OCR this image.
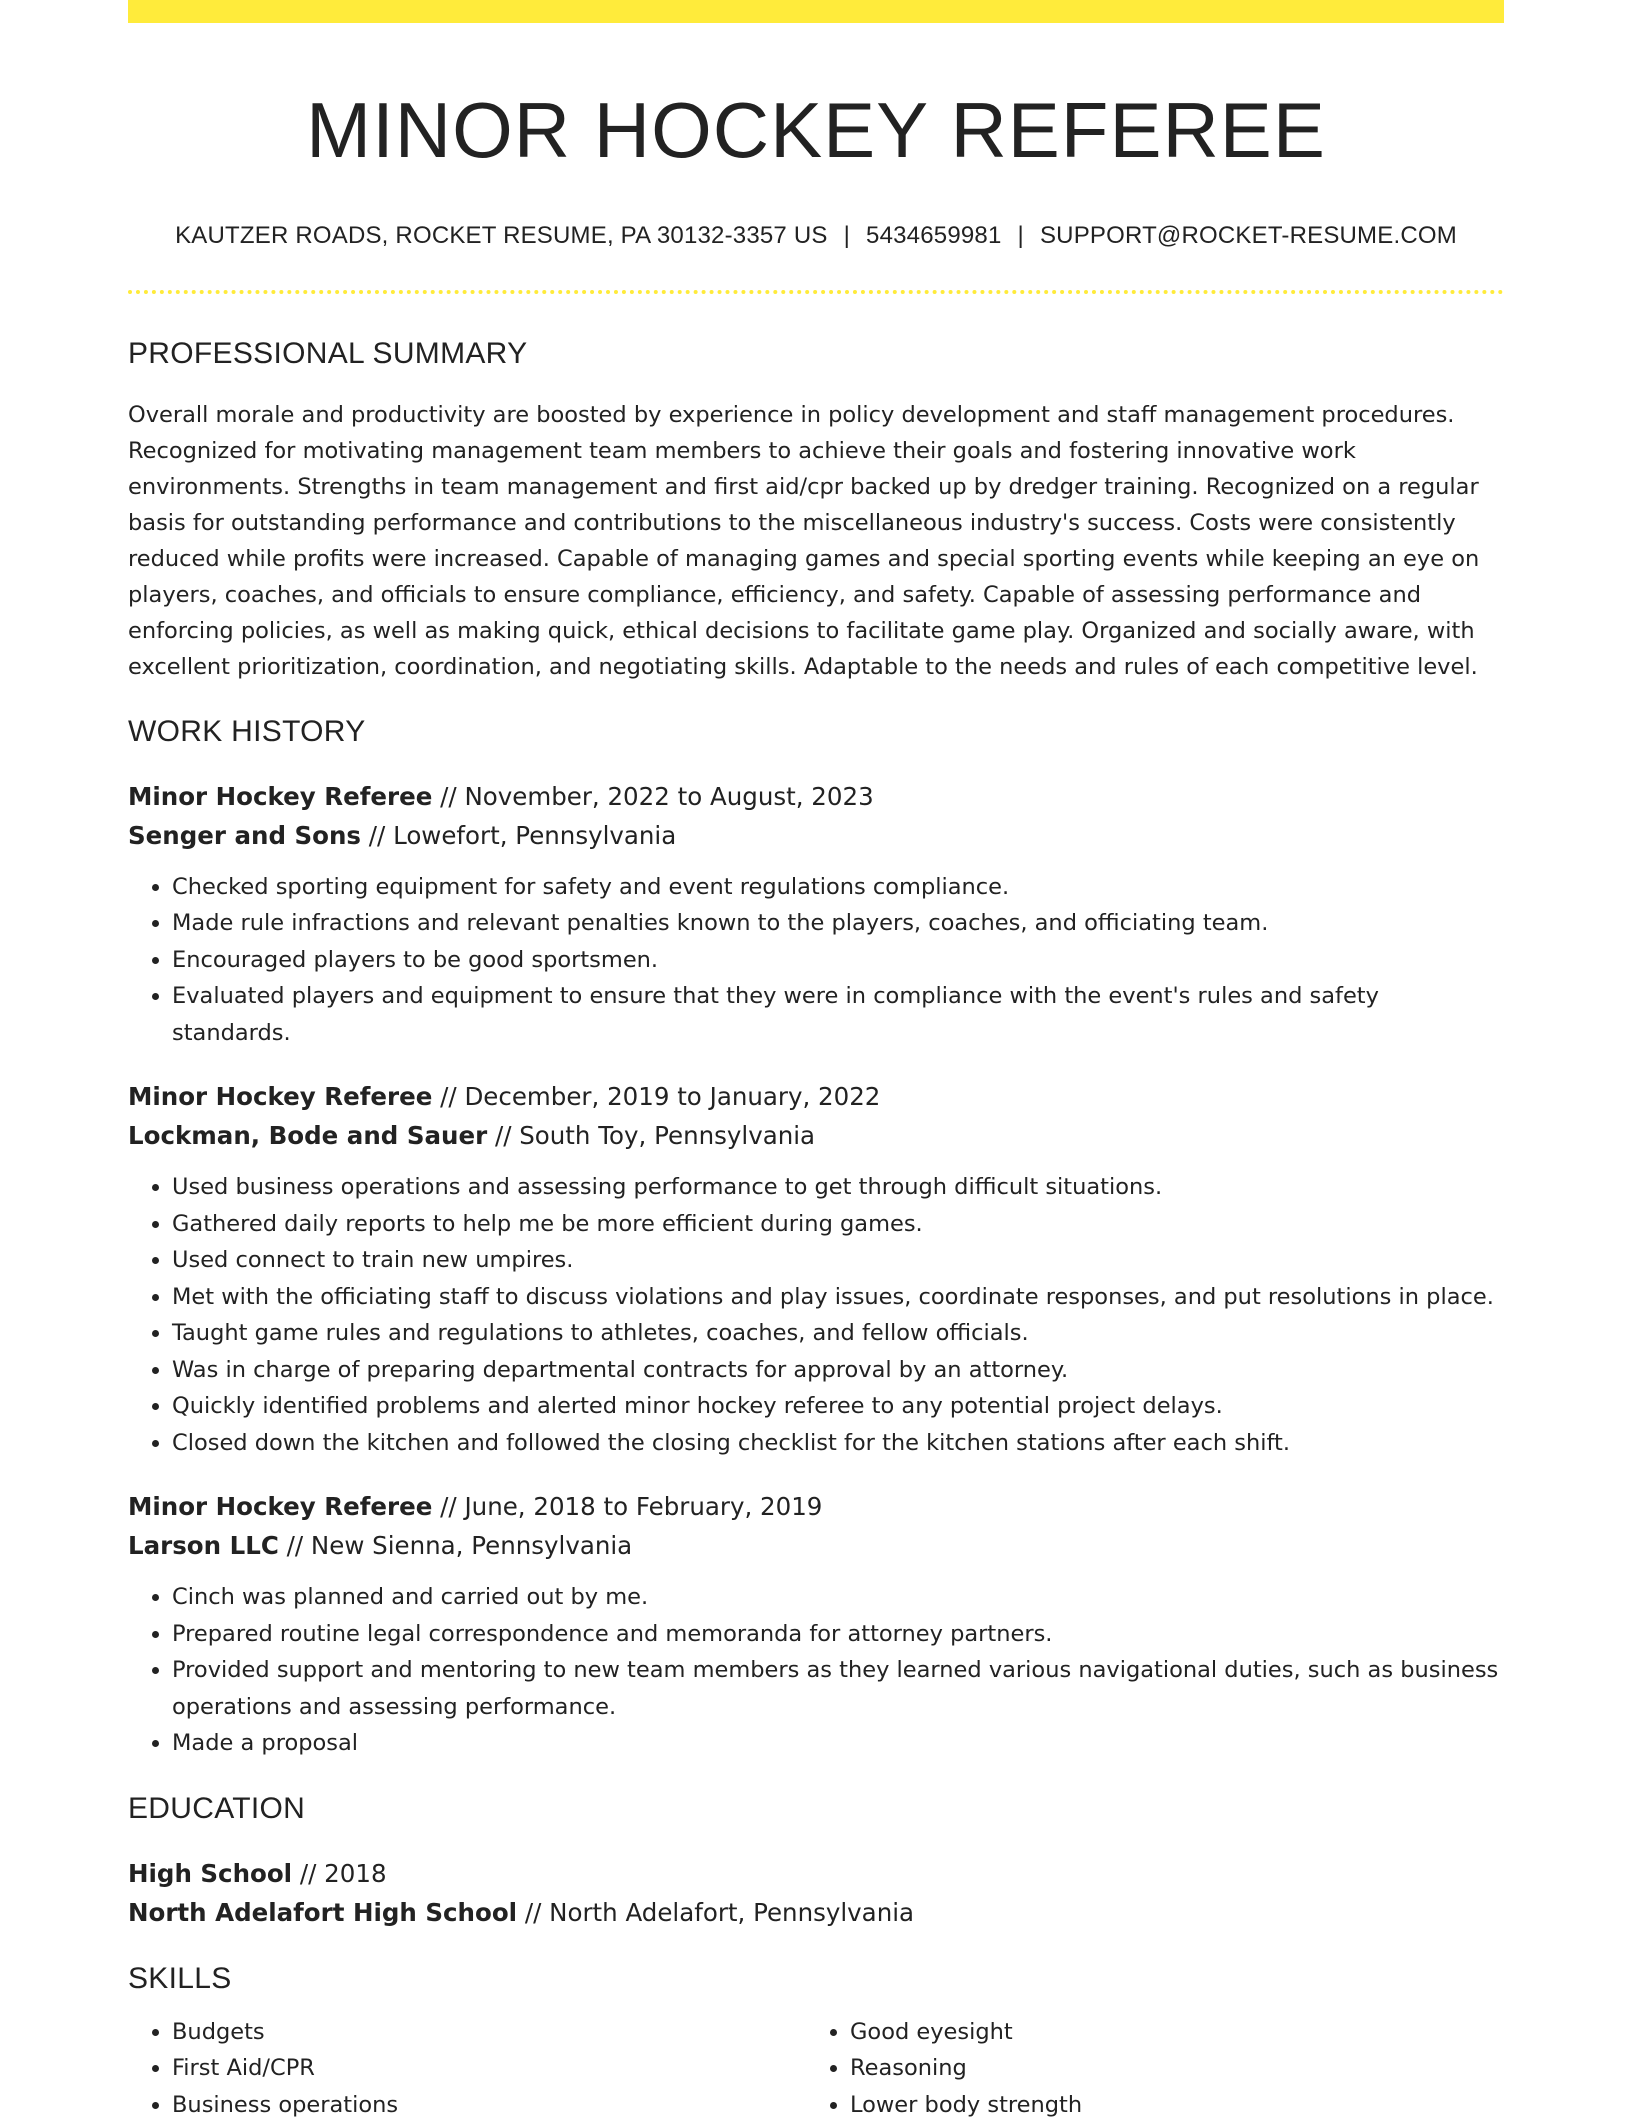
MINOR HOCKEY REFEREE
KAUTZER ROADS, ROCKET RESUME, PA 30132-3357 US | 5434659981 | SUPPORT@ROCKET-RESUME.COM
PROFESSIONAL SUMMARY
Overall morale and productivity are boosted by experience in policy development and staff management procedures. Recognized for motivating management team members to achieve their goals and fostering innovative work environments. Strengths in team management and first aid/cpr backed up by dredger training. Recognized on a regular basis for outstanding performance and contributions to the miscellaneous industry's success. Costs were consistently reduced while profits were increased. Capable of managing games and special sporting events while keeping an eye on players, coaches, and officials to ensure compliance, efficiency, and safety. Capable of assessing performance and enforcing policies, as well as making quick, ethical decisions to facilitate game play. Organized and socially aware, with excellent prioritization, coordination, and negotiating skills. Adaptable to the needs and rules of each competitive level.
WORK HISTORY
Minor Hockey Referee // November, 2022 to August, 2023
Senger and Sons // Lowefort, Pennsylvania
• Checked sporting equipment for safety and event regulations compliance.
• Made rule infractions and relevant penalties known to the players, coaches, and officiating team.
• Encouraged players to be good sportsmen.
• Evaluated players and equipment to ensure that they were in compliance with the event's rules and safety standards.
Minor Hockey Referee // December, 2019 to January, 2022
Lockman, Bode and Sauer // South Toy, Pennsylvania
• Used business operations and assessing performance to get through difficult situations.
• Gathered daily reports to help me be more efficient during games.
• Used connect to train new umpires.
• Met with the officiating staff to discuss violations and play issues, coordinate responses, and put resolutions in place.
• Taught game rules and regulations to athletes, coaches, and fellow officials.
• Was in charge of preparing departmental contracts for approval by an attorney.
• Quickly identified problems and alerted minor hockey referee to any potential project delays.
• Closed down the kitchen and followed the closing checklist for the kitchen stations after each shift.
Minor Hockey Referee // June, 2018 to February, 2019
Larson LLC // New Sienna, Pennsylvania
• Cinch was planned and carried out by me.
• Prepared routine legal correspondence and memoranda for attorney partners.
• Provided support and mentoring to new team members as they learned various navigational duties, such as business operations and assessing performance.
• Made a proposal
EDUCATION
High School // 2018
North Adelafort High School // North Adelafort, Pennsylvania
SKILLS
• Budgets
• First Aid/CPR
• Business operations
• Good eyesight
• Reasoning
• Lower body strength
